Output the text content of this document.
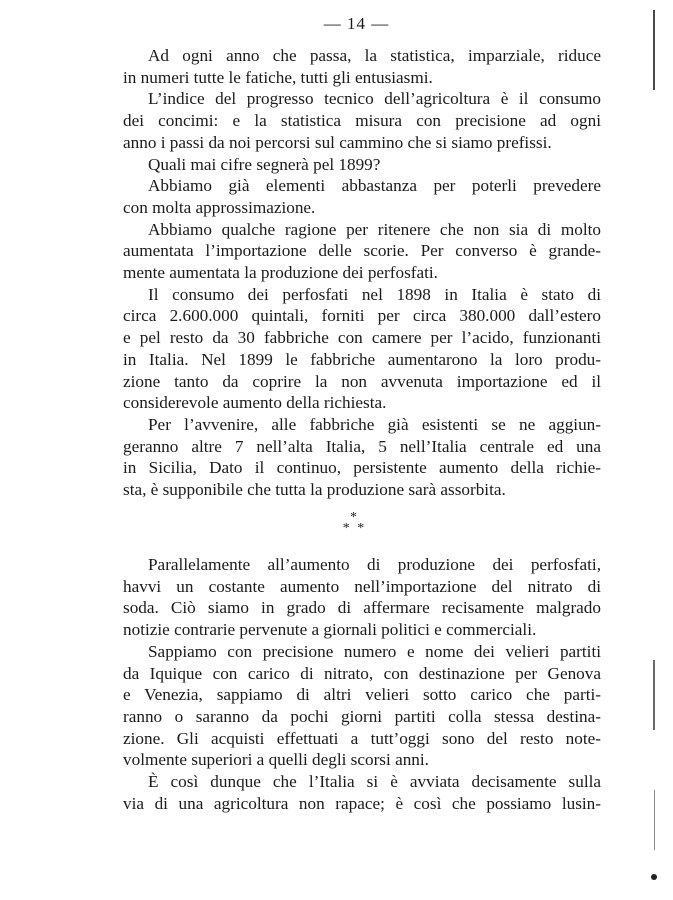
— 14 —
Ad ogni anno che passa, la statistica, imparziale, riduce
in numeri tutte le fatiche, tutti gli entusiasmi.
L’indice del progresso tecnico dell’agricoltura è il consumo
dei concimi: e la statistica misura con precisione ad ogni
anno i passi da noi percorsi sul cammino che si siamo prefissi.
Quali mai cifre segnerà pel 1899?
Abbiamo già elementi abbastanza per poterli prevedere
con molta approssimazione.
Abbiamo qualche ragione per ritenere che non sia di molto
aumentata l’importazione delle scorie. Per converso è grande-
mente aumentata la produzione dei perfosfati.
Il consumo dei perfosfati nel 1898 in Italia è stato di
circa 2.600.000 quintali, forniti per circa 380.000 dall’estero
e pel resto da 30 fabbriche con camere per l’acido, funzionanti
in Italia. Nel 1899 le fabbriche aumentarono la loro produ-
zione tanto da coprire la non avvenuta importazione ed il
considerevole aumento della richiesta.
Per l’avvenire, alle fabbriche già esistenti se ne aggiun-
geranno altre 7 nell’alta Italia, 5 nell’Italia centrale ed una
in Sicilia, Dato il continuo, persistente aumento della richie-
sta, è supponibile che tutta la produzione sarà assorbita.
*
* *
Parallelamente all’aumento di produzione dei perfosfati,
havvi un costante aumento nell’importazione del nitrato di
soda. Ciò siamo in grado di affermare recisamente malgrado
notizie contrarie pervenute a giornali politici e commerciali.
Sappiamo con precisione numero e nome dei velieri partiti
da Iquique con carico di nitrato, con destinazione per Genova
e Venezia, sappiamo di altri velieri sotto carico che parti-
ranno o saranno da pochi giorni partiti colla stessa destina-
zione. Gli acquisti effettuati a tutt’oggi sono del resto note-
volmente superiori a quelli degli scorsi anni.
È così dunque che l’Italia si è avviata decisamente sulla
via di una agricoltura non rapace; è così che possiamo lusin-
